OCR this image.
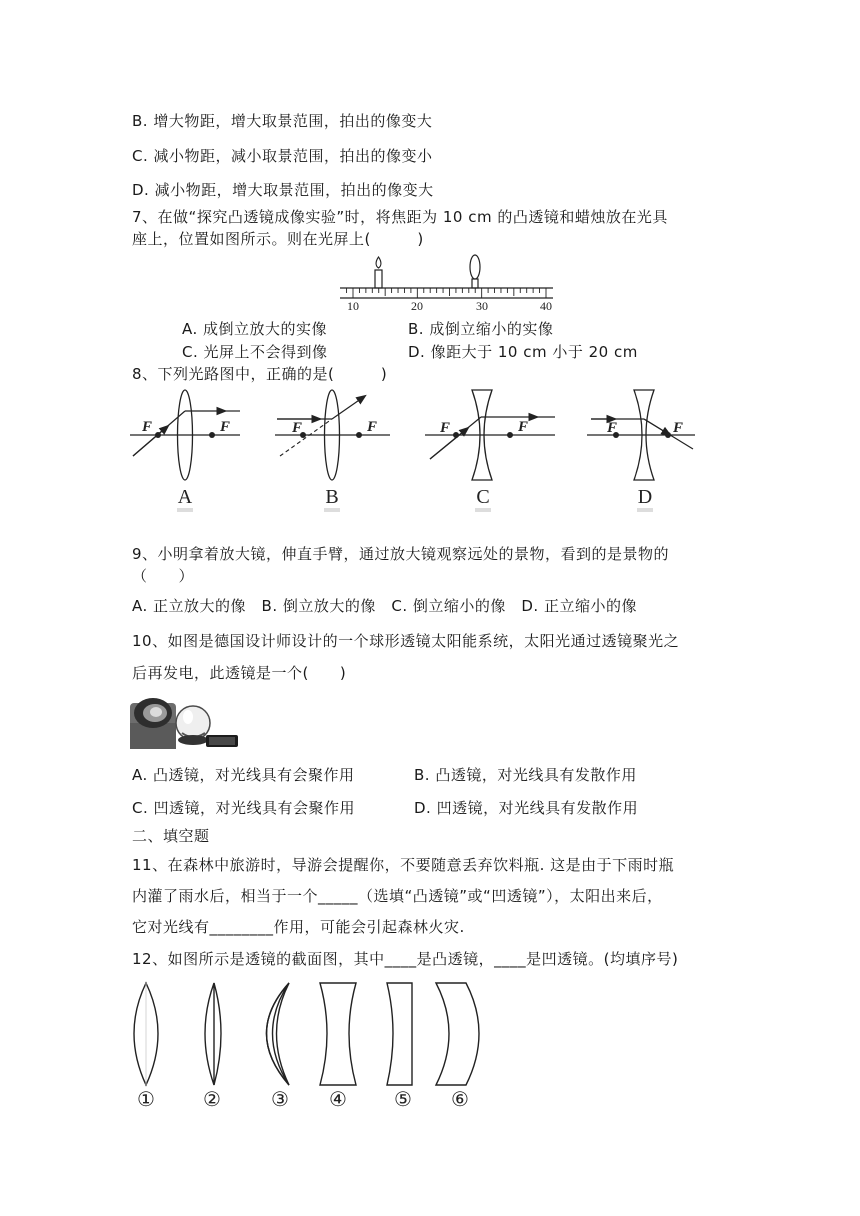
B. 增大物距，增大取景范围，拍出的像变大
C. 减小物距，减小取景范围，拍出的像变小
D. 减小物距，增大取景范围，拍出的像变大
7、在做“探究凸透镜成像实验”时，将焦距为 10 cm 的凸透镜和蜡烛放在光具
座上，位置如图所示。则在光屏上(　　　)
10	20	30	40
A. 成倒立放大的实像	B. 成倒立缩小的实像
C. 光屏上不会得到像	D. 像距大于 10 cm 小于 20 cm
8、下列光路图中，正确的是(　　　)
F	F
A
F	F
B
F	F
C
F	F
D
9、小明拿着放大镜，伸直手臂，通过放大镜观察远处的景物，看到的是景物的
（　　）
A. 正立放大的像　B. 倒立放大的像　C. 倒立缩小的像　D. 正立缩小的像
10、如图是德国设计师设计的一个球形透镜太阳能系统，太阳光通过透镜聚光之
后再发电，此透镜是一个(　　)
A. 凸透镜，对光线具有会聚作用	B. 凸透镜，对光线具有发散作用
C. 凹透镜，对光线具有会聚作用	D. 凹透镜，对光线具有发散作用
二、填空题
11、在森林中旅游时，导游会提醒你，不要随意丢弃饮料瓶. 这是由于下雨时瓶
内灌了雨水后，相当于一个_____（选填“凸透镜”或“凹透镜”），太阳出来后，
它对光线有________作用，可能会引起森林火灾.
12、如图所示是透镜的截面图，其中____是凸透镜，____是凹透镜。(均填序号)
① ②	③ ④ ⑤ ⑥
